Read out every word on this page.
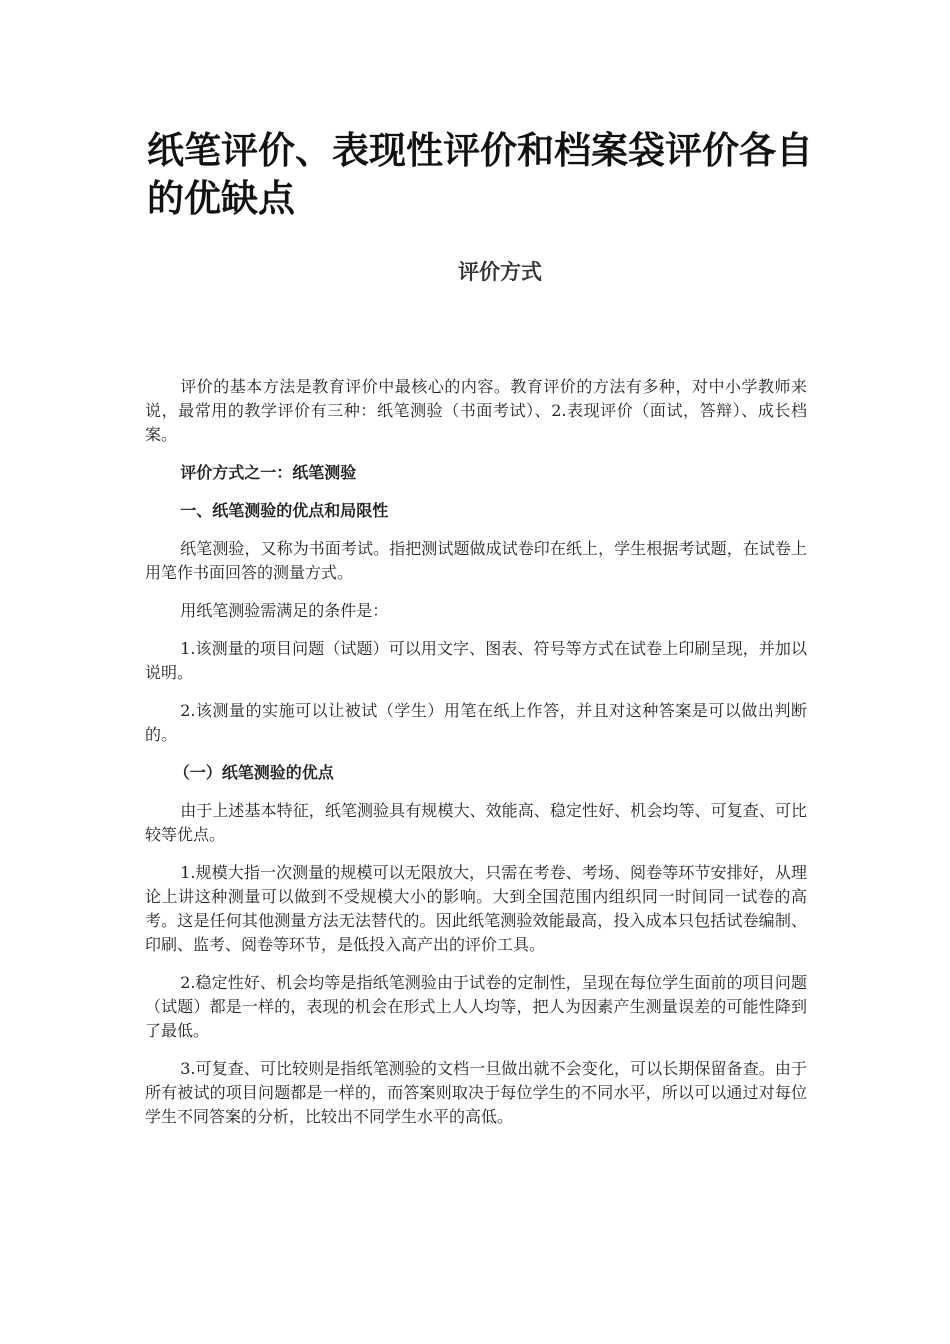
纸笔评价、表现性评价和档案袋评价各自的优缺点
评价方式

评价的基本方法是教育评价中最核心的内容。教育评价的方法有多种，对中小学教师来说，最常用的教学评价有三种：纸笔测验（书面考试）、2.表现评价（面试，答辩）、成长档案。

评价方式之一：纸笔测验

一、纸笔测验的优点和局限性

纸笔测验，又称为书面考试。指把测试题做成试卷印在纸上，学生根据考试题，在试卷上用笔作书面回答的测量方式。

用纸笔测验需满足的条件是：

1.该测量的项目问题（试题）可以用文字、图表、符号等方式在试卷上印刷呈现，并加以说明。

2.该测量的实施可以让被试（学生）用笔在纸上作答，并且对这种答案是可以做出判断的。

（一）纸笔测验的优点

由于上述基本特征，纸笔测验具有规模大、效能高、稳定性好、机会均等、可复查、可比较等优点。

1.规模大指一次测量的规模可以无限放大，只需在考卷、考场、阅卷等环节安排好，从理论上讲这种测量可以做到不受规模大小的影响。大到全国范围内组织同一时间同一试卷的高考。这是任何其他测量方法无法替代的。因此纸笔测验效能最高，投入成本只包括试卷编制、印刷、监考、阅卷等环节，是低投入高产出的评价工具。

2.稳定性好、机会均等是指纸笔测验由于试卷的定制性，呈现在每位学生面前的项目问题（试题）都是一样的，表现的机会在形式上人人均等，把人为因素产生测量误差的可能性降到了最低。

3.可复查、可比较则是指纸笔测验的文档一旦做出就不会变化，可以长期保留备查。由于所有被试的项目问题都是一样的，而答案则取决于每位学生的不同水平，所以可以通过对每位学生不同答案的分析，比较出不同学生水平的高低。
